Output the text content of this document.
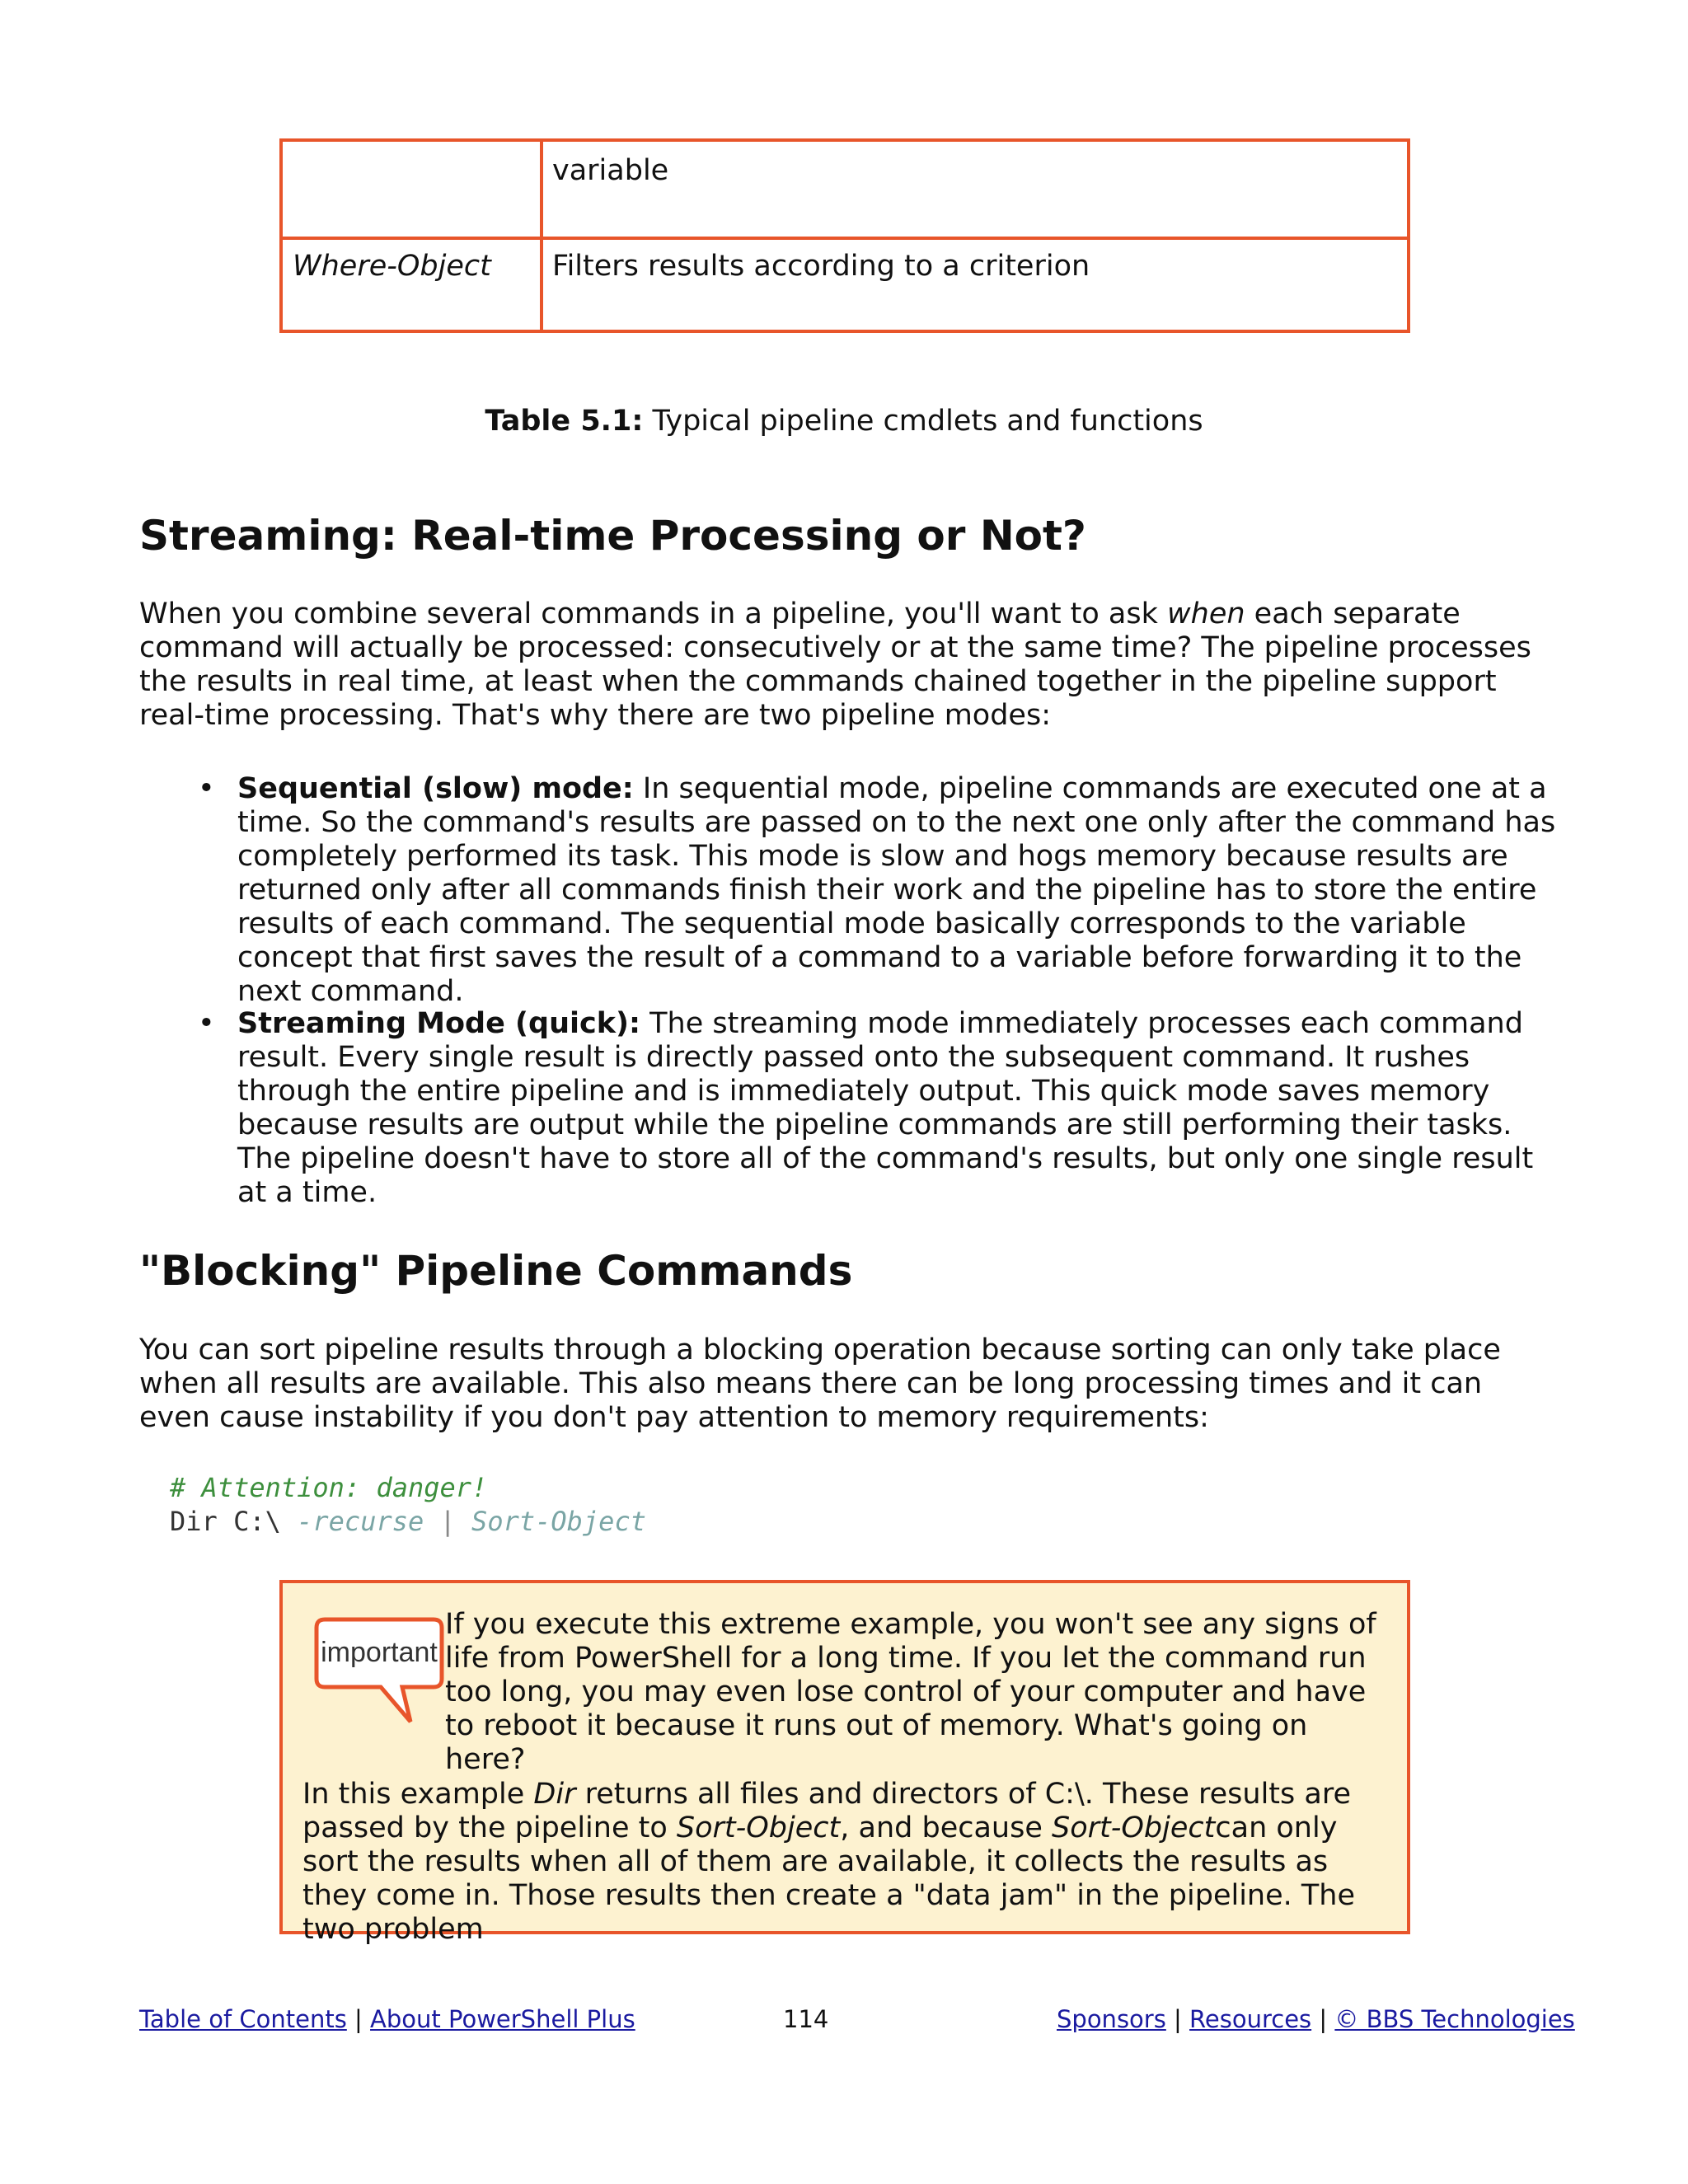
variable
Where-Object Filters results according to a criterion
Table 5.1: Typical pipeline cmdlets and functions
Streaming: Real-time Processing or Not?

When you combine several commands in a pipeline, you'll want to ask when each separate command will actually be processed: consecutively or at the same time? The pipeline processes the results in real time, at least when the commands chained together in the pipeline support real-time processing. That's why there are two pipeline modes:

• Sequential (slow) mode: In sequential mode, pipeline commands are executed one at a time. So the command's results are passed on to the next one only after the command has completely performed its task. This mode is slow and hogs memory because results are returned only after all commands finish their work and the pipeline has to store the entire results of each command. The sequential mode basically corresponds to the variable concept that first saves the result of a command to a variable before forwarding it to the next command.

• Streaming Mode (quick): The streaming mode immediately processes each command result. Every single result is directly passed onto the subsequent command. It rushes through the entire pipeline and is immediately output. This quick mode saves memory because results are output while the pipeline commands are still performing their tasks. The pipeline doesn't have to store all of the command's results, but only one single result at a time.

"Blocking" Pipeline Commands

You can sort pipeline results through a blocking operation because sorting can only take place when all results are available. This also means there can be long processing times and it can even cause instability if you don't pay attention to memory requirements:

# Attention: danger!
Dir C:\ -recurse | Sort-Object
important

If you execute this extreme example, you won't see any signs of life from PowerShell for a long time. If you let the command run too long, you may even lose control of your computer and have to reboot it because it runs out of memory. What's going on here?

In this example Dir returns all files and directors of C:\. These results are passed by the pipeline to Sort-Object, and because Sort-Objectcan only sort the results when all of them are available, it collects the results as they come in. Those results then create a "data jam" in the pipeline. The two problem

Table of Contents | About PowerShell Plus	114	Sponsors | Resources | © BBS Technologies
